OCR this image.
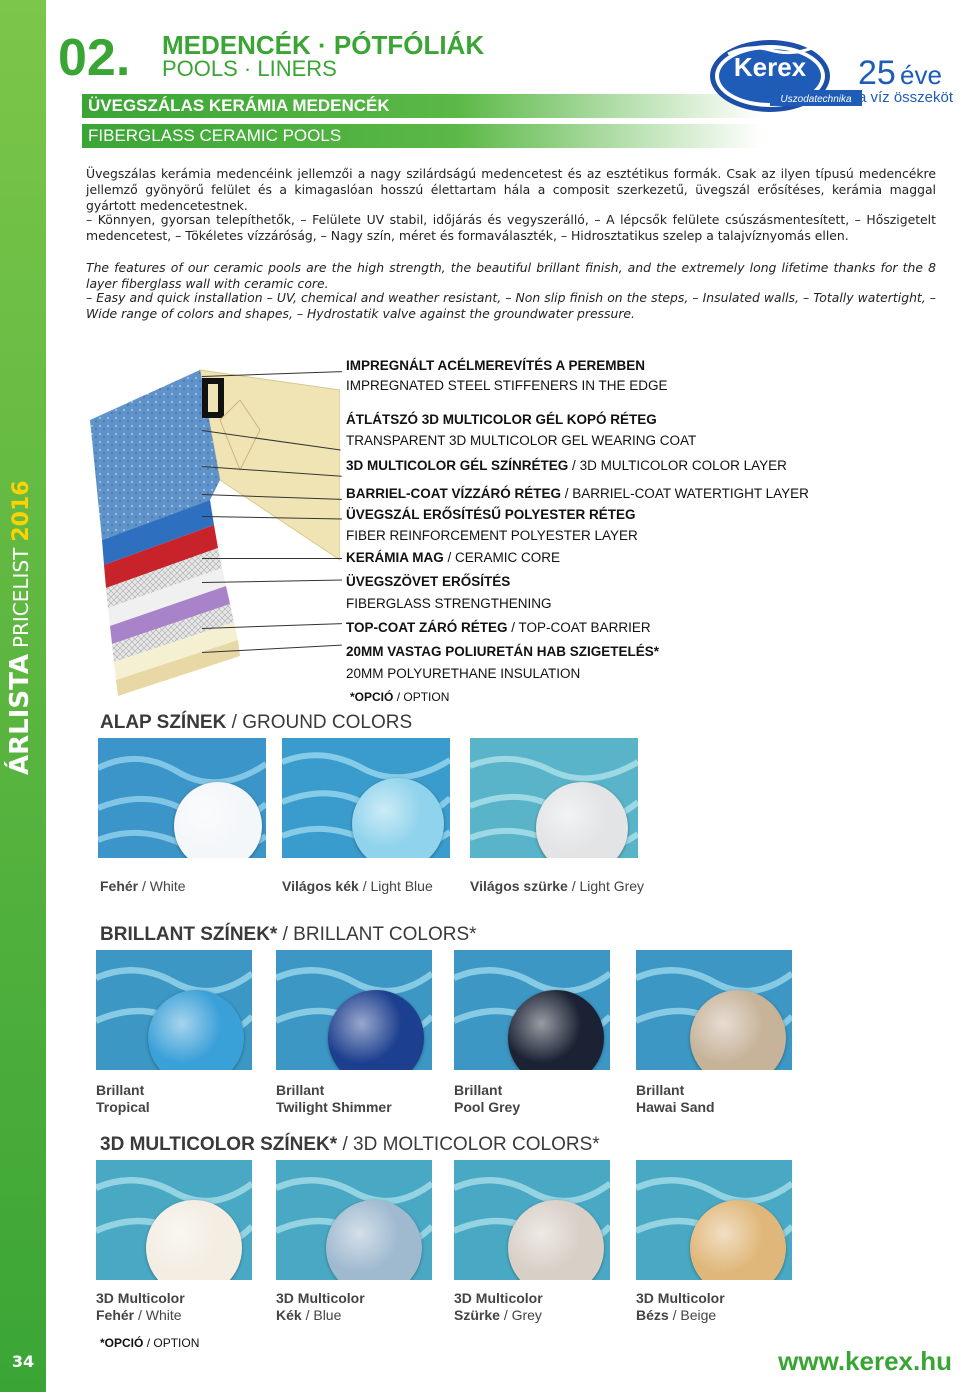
ÁRLISTA
PRICELIST
2016
34
02. MEDENCÉK · PÓTFÓLIÁK
POOLS · LINERS
ÜVEGSZÁLAS KERÁMIA MEDENCÉK
FIBERGLASS CERAMIC POOLS
Kerex
Uszodatechnika
25 éve
a víz összeköt

Üvegszálas kerámia medencéink jellemzői a nagy szilárdságú medencetest és az esztétikus formák. Csak az ilyen típusú medencékre jellemző gyönyörű felület és a kimagaslóan hosszú élettartam hála a composit szerkezetű, üvegszál erősítéses, kerámia maggal gyártott medencetestnek.

– Könnyen, gyorsan telepíthetők, – Felülete UV stabil, időjárás és vegyszerálló, – A lépcsők felülete csúszásmentesített, – Hőszigetelt medencetest, – Tökéletes vízzáróság, – Nagy szín, méret és formaválaszték, – Hidrosztatikus szelep a talajvíznyomás ellen.

The features of our ceramic pools are the high strength, the beautiful brillant finish, and the extremely long lifetime thanks for the 8 layer fiberglass wall with ceramic core.

– Easy and quick installation – UV, chemical and weather resistant, – Non slip finish on the steps, – Insulated walls, – Totally watertight, – Wide range of colors and shapes, – Hydrostatik valve against the groundwater pressure.

IMPREGNÁLT ACÉLMEREVÍTÉS A PEREMBEN
IMPREGNATED STEEL STIFFENERS IN THE EDGE
ÁTLÁTSZÓ 3D MULTICOLOR GÉL KOPÓ RÉTEG
TRANSPARENT 3D MULTICOLOR GEL WEARING COAT
3D MULTICOLOR GÉL SZÍNRÉTEG / 3D MULTICOLOR COLOR LAYER
BARRIEL-COAT VÍZZÁRÓ RÉTEG / BARRIEL-COAT WATERTIGHT LAYER
ÜVEGSZÁL ERŐSÍTÉSŰ POLYESTER RÉTEG
FIBER REINFORCEMENT POLYESTER LAYER
KERÁMIA MAG / CERAMIC CORE
ÜVEGSZÖVET ERŐSÍTÉS
FIBERGLASS STRENGTHENING
TOP-COAT ZÁRÓ RÉTEG / TOP-COAT BARRIER
20MM VASTAG POLIURETÁN HAB SZIGETELÉS*
20MM POLYURETHANE INSULATION
*OPCIÓ / OPTION
ALAP SZÍNEK / GROUND COLORS
Fehér / White	Világos kék / Light Blue	Világos szürke / Light Grey
BRILLANT SZÍNEK* / BRILLANT COLORS*
Brillant
Tropical
Brillant
Twilight Shimmer
Brillant
Pool Grey
Brillant
Hawai Sand
3D MULTICOLOR SZÍNEK* / 3D MOLTICOLOR COLORS*
3D Multicolor
Fehér / White
3D Multicolor
Kék / Blue
3D Multicolor
Szürke / Grey
3D Multicolor
Bézs / Beige
*OPCIÓ / OPTION
www.kerex.hu
